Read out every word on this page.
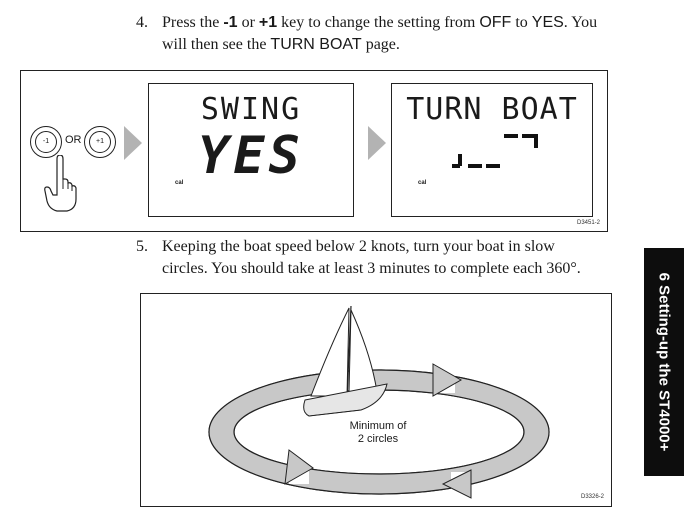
4. Press the -1 or +1 key to change the setting from OFF to YES. You
will then see the TURN BOAT page.
-1	OR	+1
SWING
YES
cal
TURN BOAT
cal
D3451-2
5. Keeping the boat speed below 2 knots, turn your boat in slow
circles. You should take at least 3 minutes to complete each 360°.
D3326-2
Minimum of
2 circles	6 Setting-up the ST4000+
